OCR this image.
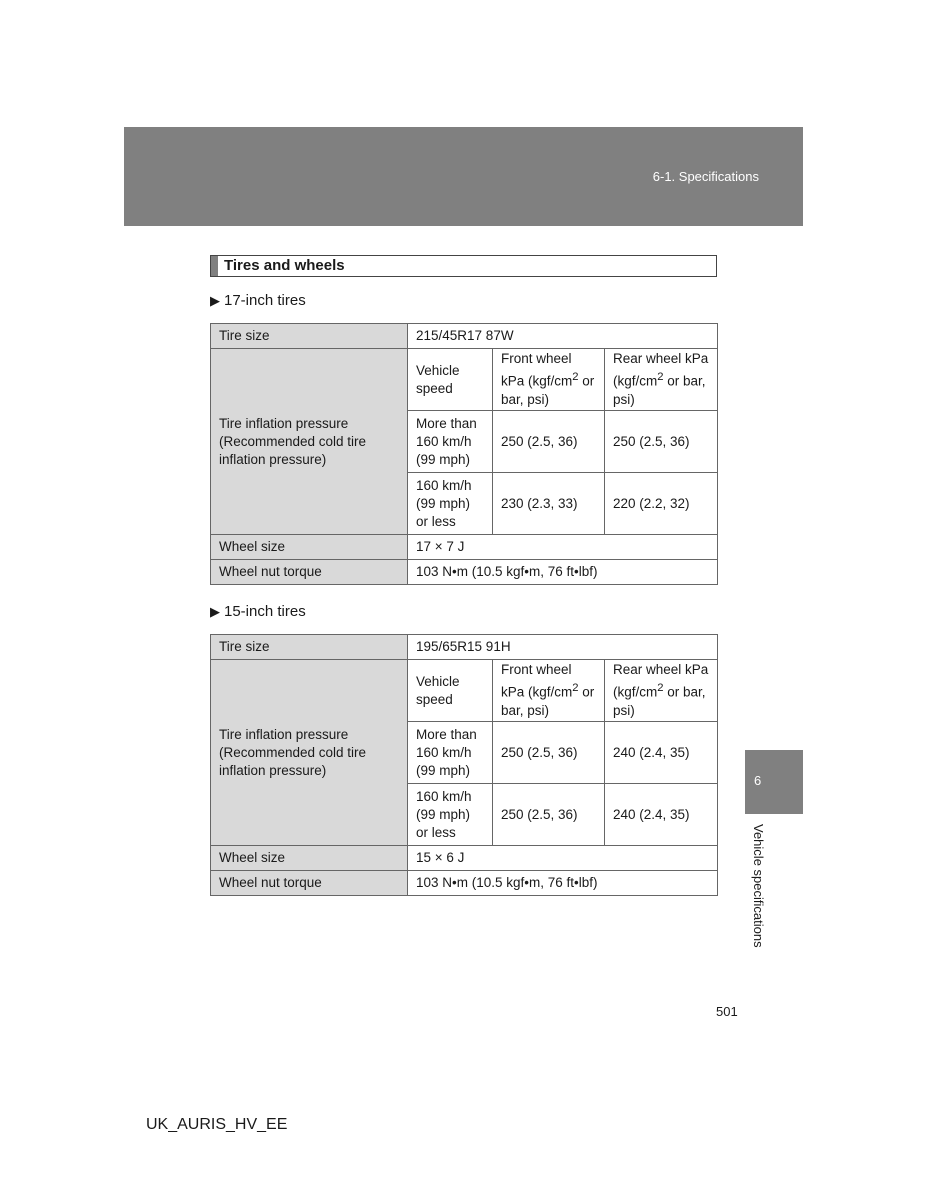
6-1. Specifications
Tires and wheels
▶ 17-inch tires
Tire size	215/45R17 87W		
Tire inflation pressure (Recommended cold tire inflation pressure)	Vehicle speed	Front wheel kPa ($kgf/cm^2$ or bar, psi)	Rear wheel kPa ($kgf/cm^2$ or bar, psi)
	More than 160 km/h (99 mph)	250 (2.5, 36)	250 (2.5, 36)
	160 km/h (99 mph) or less	230 (2.3, 33)	220 (2.2, 32)
Wheel size	17 × 7 J		
Wheel nut torque	103 N•m (10.5 kgf•m, 76 ft•lbf)		
▶ 15-inch tires
Tire size	195/65R15 91H		
Tire inflation pressure (Recommended cold tire inflation pressure)	Vehicle speed	Front wheel kPa ($kgf/cm^2$ or bar, psi)	Rear wheel kPa ($kgf/cm^2$ or bar, psi)
	More than 160 km/h (99 mph)	250 (2.5, 36)	240 (2.4, 35)
	160 km/h (99 mph) or less	250 (2.5, 36)	240 (2.4, 35)
Wheel size	15 × 6 J		
Wheel nut torque	103 N•m (10.5 kgf•m, 76 ft•lbf)		
6
Vehicle specifications
501
UK_AURIS_HV_EE
